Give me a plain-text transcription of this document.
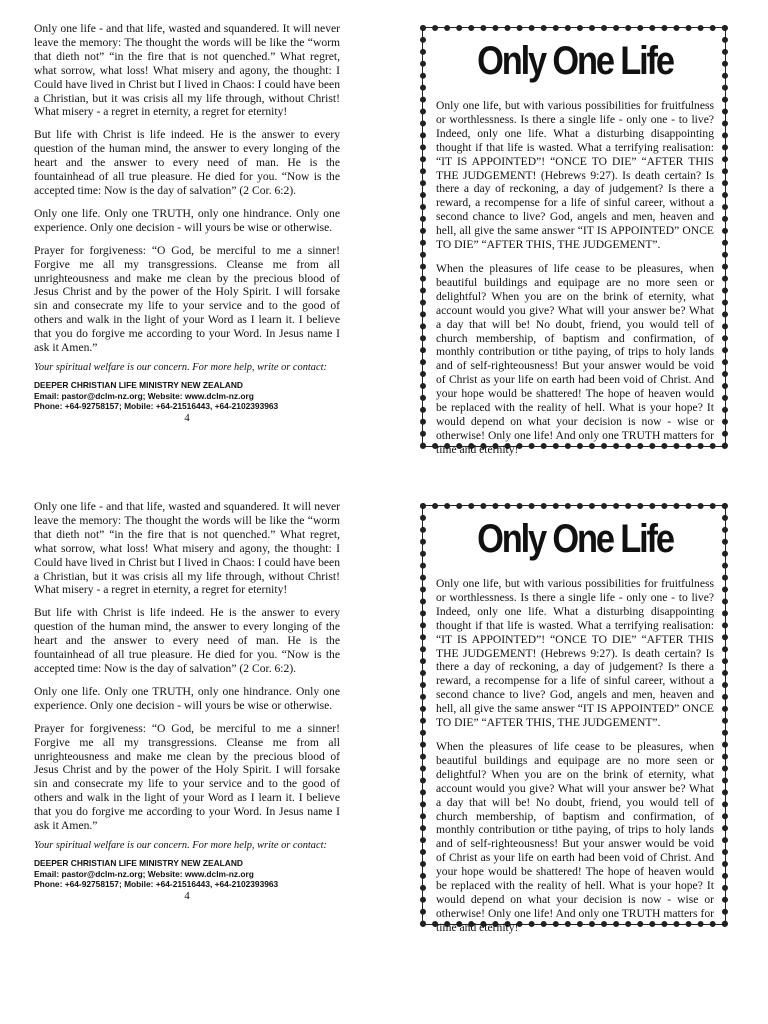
Only one life - and that life, wasted and squandered. It will never leave the memory: The thought the words will be like the “worm that dieth not” “in the fire that is not quenched.” What regret, what sorrow, what loss! What misery and agony, the thought: I Could have lived in Christ but I lived in Chaos: I could have been a Christian, but it was crisis all my life through, without Christ! What misery - a regret in eternity, a regret for eternity!

But life with Christ is life indeed. He is the answer to every question of the human mind, the answer to every longing of the heart and the answer to every need of man. He is the fountainhead of all true pleasure. He died for you. “Now is the accepted time: Now is the day of salvation” (2 Cor. 6:2).

Only one life. Only one TRUTH, only one hindrance. Only one experience. Only one decision - will yours be wise or otherwise.

Prayer for forgiveness: “O God, be merciful to me a sinner! Forgive me all my transgressions. Cleanse me from all unrighteousness and make me clean by the precious blood of Jesus Christ and by the power of the Holy Spirit. I will forsake sin and consecrate my life to your service and to the good of others and walk in the light of your Word as I learn it. I believe that you do forgive me according to your Word. In Jesus name I ask it Amen.”

Your spiritual welfare is our concern. For more help, write or contact:

DEEPER CHRISTIAN LIFE MINISTRY NEW ZEALAND
Email: pastor@dclm-nz.org; Website: www.dclm-nz.org
Phone: +64-92758157; Mobile: +64-21516443, +64-2102393963
4
Only One Life

Only one life, but with various possibilities for fruitfulness or worthlessness. Is there a single life - only one - to live? Indeed, only one life. What a disturbing disappointing thought if that life is wasted. What a terrifying realisation: “IT IS APPOINTED”! “ONCE TO DIE” “AFTER THIS THE JUDGEMENT! (Hebrews 9:27). Is death certain? Is there a day of reckoning, a day of judgement? Is there a reward, a recompense for a life of sinful career, without a second chance to live? God, angels and men, heaven and hell, all give the same answer “IT IS APPOINTED” ONCE TO DIE” “AFTER THIS, THE JUDGEMENT”.

When the pleasures of life cease to be pleasures, when beautiful buildings and equipage are no more seen or delightful? When you are on the brink of eternity, what account would you give? What will your answer be? What a day that will be! No doubt, friend, you would tell of church membership, of baptism and confirmation, of monthly contribution or tithe paying, of trips to holy lands and of self-righteousness! But your answer would be void of Christ as your life on earth had been void of Christ. And your hope would be shattered! The hope of heaven would be replaced with the reality of hell. What is your hope? It would depend on what your decision is now - wise or otherwise! Only one life! And only one TRUTH matters for time and eternity!

Only one life - and that life, wasted and squandered. It will never leave the memory: The thought the words will be like the “worm that dieth not” “in the fire that is not quenched.” What regret, what sorrow, what loss! What misery and agony, the thought: I Could have lived in Christ but I lived in Chaos: I could have been a Christian, but it was crisis all my life through, without Christ! What misery - a regret in eternity, a regret for eternity!

But life with Christ is life indeed. He is the answer to every question of the human mind, the answer to every longing of the heart and the answer to every need of man. He is the fountainhead of all true pleasure. He died for you. “Now is the accepted time: Now is the day of salvation” (2 Cor. 6:2).

Only one life. Only one TRUTH, only one hindrance. Only one experience. Only one decision - will yours be wise or otherwise.

Prayer for forgiveness: “O God, be merciful to me a sinner! Forgive me all my transgressions. Cleanse me from all unrighteousness and make me clean by the precious blood of Jesus Christ and by the power of the Holy Spirit. I will forsake sin and consecrate my life to your service and to the good of others and walk in the light of your Word as I learn it. I believe that you do forgive me according to your Word. In Jesus name I ask it Amen.”

Your spiritual welfare is our concern. For more help, write or contact:

DEEPER CHRISTIAN LIFE MINISTRY NEW ZEALAND
Email: pastor@dclm-nz.org; Website: www.dclm-nz.org
Phone: +64-92758157; Mobile: +64-21516443, +64-2102393963
4
Only One Life

Only one life, but with various possibilities for fruitfulness or worthlessness. Is there a single life - only one - to live? Indeed, only one life. What a disturbing disappointing thought if that life is wasted. What a terrifying realisation: “IT IS APPOINTED”! “ONCE TO DIE” “AFTER THIS THE JUDGEMENT! (Hebrews 9:27). Is death certain? Is there a day of reckoning, a day of judgement? Is there a reward, a recompense for a life of sinful career, without a second chance to live? God, angels and men, heaven and hell, all give the same answer “IT IS APPOINTED” ONCE TO DIE” “AFTER THIS, THE JUDGEMENT”.

When the pleasures of life cease to be pleasures, when beautiful buildings and equipage are no more seen or delightful? When you are on the brink of eternity, what account would you give? What will your answer be? What a day that will be! No doubt, friend, you would tell of church membership, of baptism and confirmation, of monthly contribution or tithe paying, of trips to holy lands and of self-righteousness! But your answer would be void of Christ as your life on earth had been void of Christ. And your hope would be shattered! The hope of heaven would be replaced with the reality of hell. What is your hope? It would depend on what your decision is now - wise or otherwise! Only one life! And only one TRUTH matters for time and eternity!
